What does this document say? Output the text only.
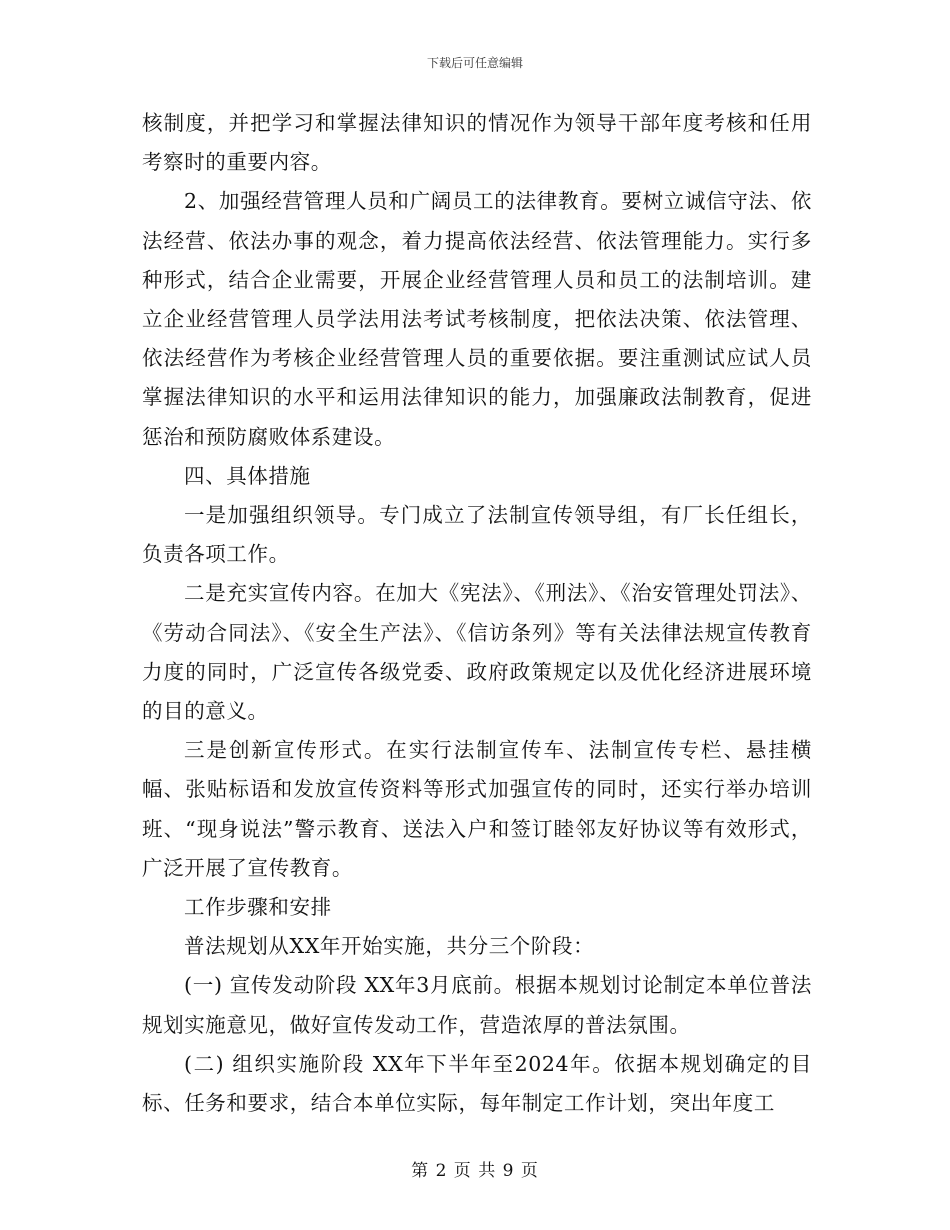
下载后可任意编辑

核制度，并把学习和掌握法律知识的情况作为领导干部年度考核和任用考察时的重要内容。

2、加强经营管理人员和广阔员工的法律教育。要树立诚信守法、依法经营、依法办事的观念，着力提高依法经营、依法管理能力。实行多种形式，结合企业需要，开展企业经营管理人员和员工的法制培训。建立企业经营管理人员学法用法考试考核制度，把依法决策、依法管理、依法经营作为考核企业经营管理人员的重要依据。要注重测试应试人员掌握法律知识的水平和运用法律知识的能力，加强廉政法制教育，促进惩治和预防腐败体系建设。

四、具体措施

一是加强组织领导。专门成立了法制宣传领导组，有厂长任组长，负责各项工作。

二是充实宣传内容。在加大《宪法》、《刑法》、《治安管理处罚法》、《劳动合同法》、《安全生产法》、《信访条列》等有关法律法规宣传教育力度的同时，广泛宣传各级党委、政府政策规定以及优化经济进展环境的目的意义。

三是创新宣传形式。在实行法制宣传车、法制宣传专栏、悬挂横幅、张贴标语和发放宣传资料等形式加强宣传的同时，还实行举办培训班、“现身说法”警示教育、送法入户和签订睦邻友好协议等有效形式，广泛开展了宣传教育。

工作步骤和安排

普法规划从XX年开始实施，共分三个阶段：

(一) 宣传发动阶段 XX年3月底前。根据本规划讨论制定本单位普法规划实施意见，做好宣传发动工作，营造浓厚的普法氛围。

(二) 组织实施阶段 XX年下半年至2024年。依据本规划确定的目标、任务和要求，结合本单位实际，每年制定工作计划，突出年度工

第 2 页 共 9 页
